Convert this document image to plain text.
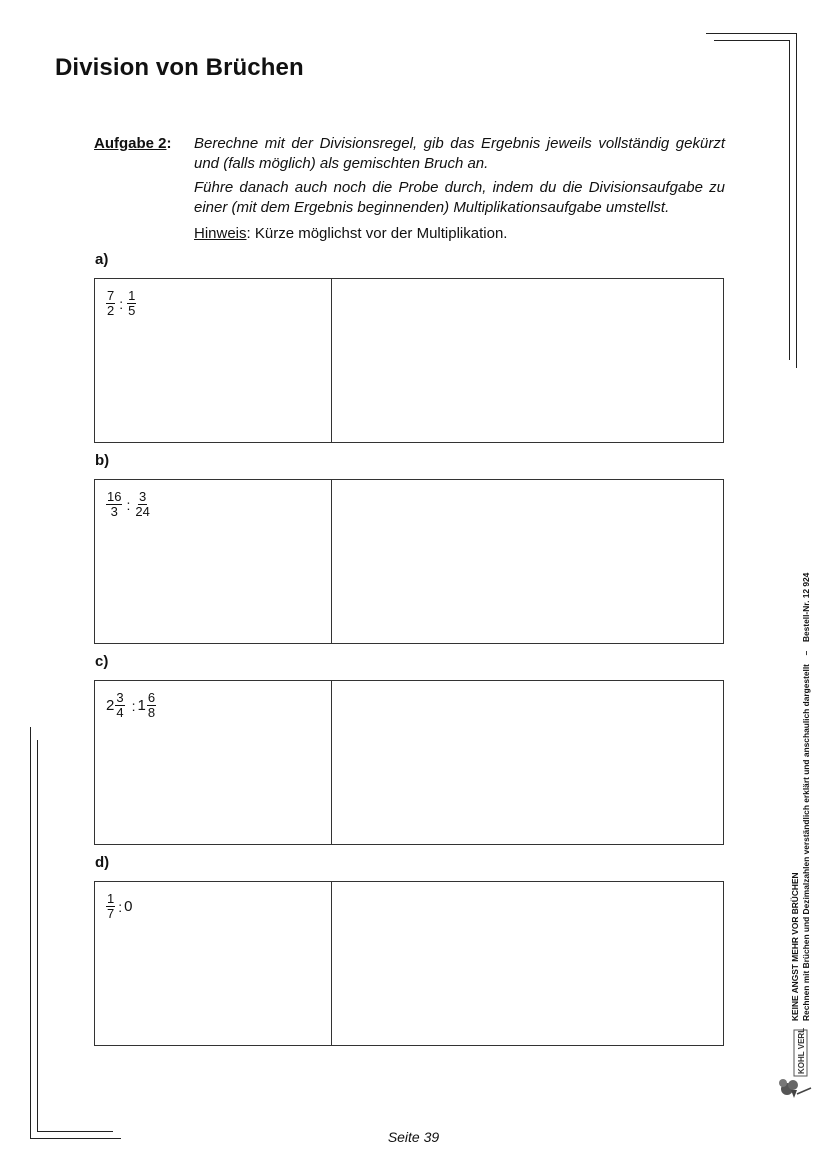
Division von Brüchen
Aufgabe 2: Berechne mit der Divisionsregel, gib das Ergebnis jeweils vollständig gekürzt und (falls möglich) als gemischten Bruch an.
Führe danach auch noch die Probe durch, indem du die Divisionsaufgabe zu einer (mit dem Ergebnis beginnenden) Multiplikationsaufgabe umstellst.
Hinweis: Kürze möglichst vor der Multiplikation.
a)
$\frac{7}{2}$ : $\frac{1}{5}$
b)
$\frac{16}{3}$ : $\frac{3}{24}$
c)
$2 \frac{3}{4}$ : $1 \frac{6}{8}$
d)
$\frac{1}{7}$ : 0	KEINE ANGST MEHR VOR BRÜCHEN Rechnen mit Brüchen und Dezimalzahlen verständlich erklärt und anschaulich dargestellt–Bestell-Nr. 12 924
KOHL VERLAG
Seite 39
